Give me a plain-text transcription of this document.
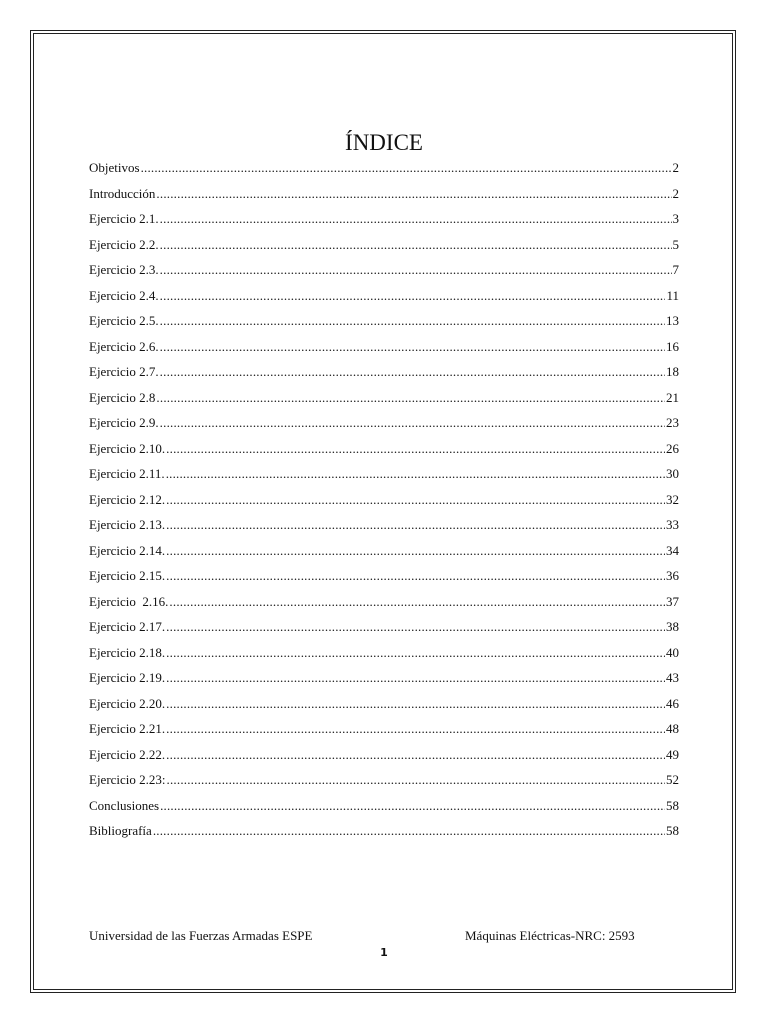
ÍNDICE
Objetivos .....	2
Introducción .....	2
Ejercicio 2.1. .....	3
Ejercicio 2.2. .....	5
Ejercicio 2.3. .....	7
Ejercicio 2.4. .....	11
Ejercicio 2.5. .....	13
Ejercicio 2.6. .....	16
Ejercicio 2.7. .....	18
Ejercicio 2.8 .....	21
Ejercicio 2.9. .....	23
Ejercicio 2.10. .....	26
Ejercicio 2.11. .....	30
Ejercicio 2.12. .....	32
Ejercicio 2.13. .....	33
Ejercicio 2.14. .....	34
Ejercicio 2.15. .....	36
Ejercicio  2.16. .....	37
Ejercicio 2.17. .....	38
Ejercicio 2.18. .....	40
Ejercicio 2.19. .....	43
Ejercicio 2.20. .....	46
Ejercicio 2.21. .....	48
Ejercicio 2.22. .....	49
Ejercicio 2.23: .....	52
Conclusiones .....	58
Bibliografía .....	58
Universidad de las Fuerzas Armadas ESPE	Máquinas Eléctricas-NRC: 2593
1
